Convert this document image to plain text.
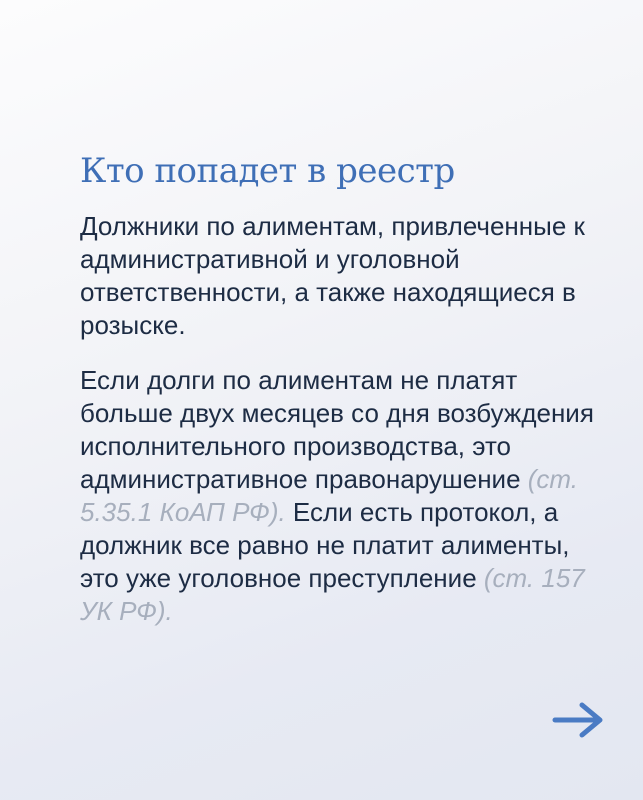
Кто попадет в реестр

Должники по алиментам, привлеченные к административной и уголовной ответственности, а также находящиеся в розыске.

Если долги по алиментам не платят больше двух месяцев со дня возбуждения исполнительного производства, это административное правонарушение (ст. 5.35.1 КоАП РФ). Если есть протокол, а должник все равно не платит алименты, это уже уголовное преступление (ст. 157 УК РФ).
